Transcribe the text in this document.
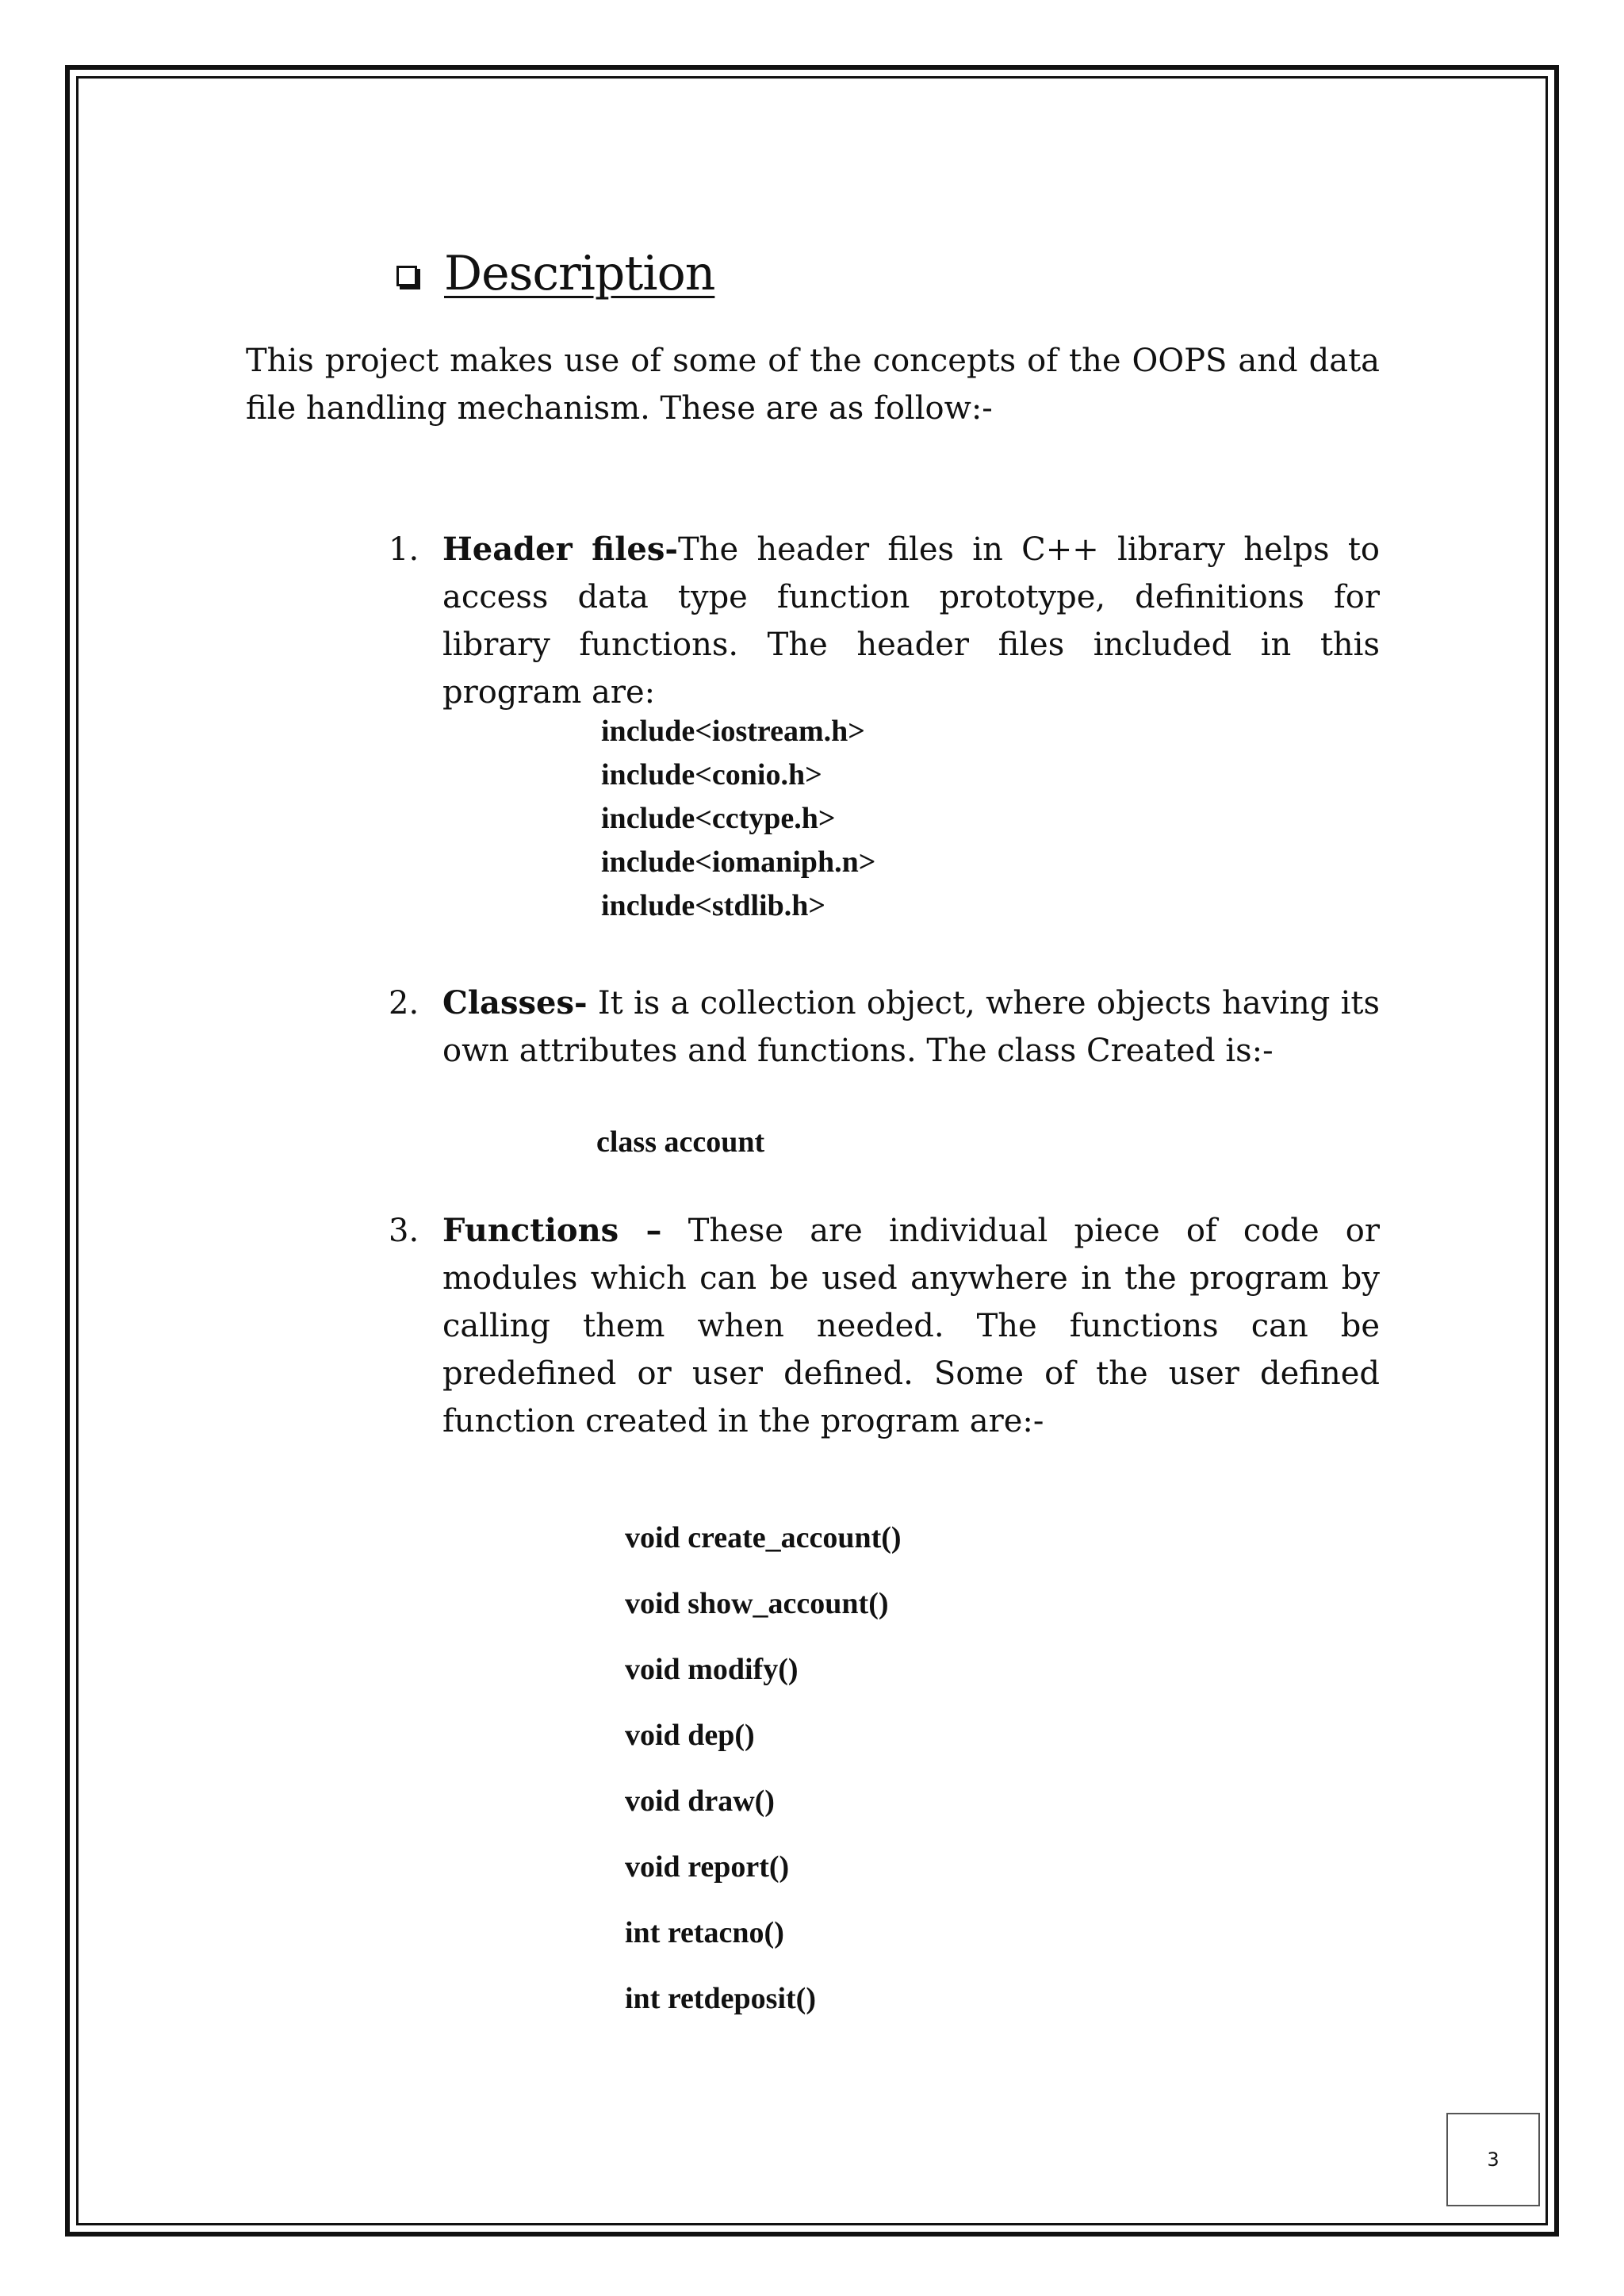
Description

This project makes use of some of the concepts of the OOPS and data file handling mechanism. These are as follow:-

1. Header files-The header files in C++ library helps to access data type function prototype, definitions for library functions. The header files included in this program are:
include<iostream.h>
include<conio.h>
include<cctype.h>
include<iomaniph.n>
include<stdlib.h>
2. Classes- It is a collection object, where objects having its own attributes and functions. The class Created is:-
class account
3. Functions – These are individual piece of code or modules which can be used anywhere in the program by calling them when needed. The functions can be predefined or user defined. Some of the user defined function created in the program are:-
void create_account()
void show_account()
void modify()
void dep()
void draw()
void report()
int retacno()
int retdeposit()
3
